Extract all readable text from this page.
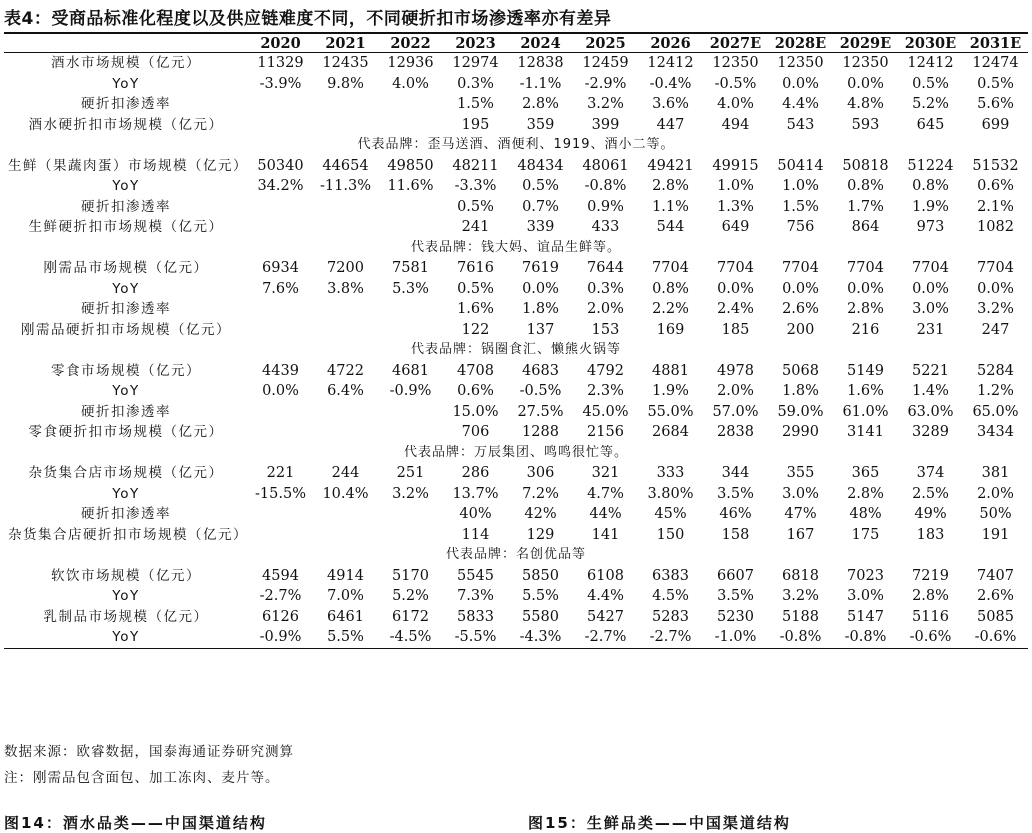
表4：受商品标准化程度以及供应链难度不同，不同硬折扣市场渗透率亦有差异
	2020	2021	2022	2023	2024	2025	2026	2027E	2028E	2029E	2030E	2031E
酒水市场规模（亿元）	11329	12435	12936	12974	12838	12459	12412	12350	12350	12350	12412	12474
YoY	-3.9%	9.8%	4.0%	0.3%	-1.1%	-2.9%	-0.4%	-0.5%	0.0%	0.0%	0.5%	0.5%
硬折扣渗透率				1.5%	2.8%	3.2%	3.6%	4.0%	4.4%	4.8%	5.2%	5.6%
酒水硬折扣市场规模（亿元）				195	359	399	447	494	543	593	645	699
代表品牌：歪马送酒、酒便利、1919、酒小二等。												
生鲜（果蔬肉蛋）市场规模（亿元）	50340	44654	49850	48211	48434	48061	49421	49915	50414	50818	51224	51532
YoY	34.2%	-11.3%	11.6%	-3.3%	0.5%	-0.8%	2.8%	1.0%	1.0%	0.8%	0.8%	0.6%
硬折扣渗透率				0.5%	0.7%	0.9%	1.1%	1.3%	1.5%	1.7%	1.9%	2.1%
生鲜硬折扣市场规模（亿元）				241	339	433	544	649	756	864	973	1082
代表品牌：钱大妈、谊品生鲜等。												
刚需品市场规模（亿元）	6934	7200	7581	7616	7619	7644	7704	7704	7704	7704	7704	7704
YoY	7.6%	3.8%	5.3%	0.5%	0.0%	0.3%	0.8%	0.0%	0.0%	0.0%	0.0%	0.0%
硬折扣渗透率				1.6%	1.8%	2.0%	2.2%	2.4%	2.6%	2.8%	3.0%	3.2%
刚需品硬折扣市场规模（亿元）				122	137	153	169	185	200	216	231	247
代表品牌：锅圈食汇、懒熊火锅等												
零食市场规模（亿元）	4439	4722	4681	4708	4683	4792	4881	4978	5068	5149	5221	5284
YoY	0.0%	6.4%	-0.9%	0.6%	-0.5%	2.3%	1.9%	2.0%	1.8%	1.6%	1.4%	1.2%
硬折扣渗透率				15.0%	27.5%	45.0%	55.0%	57.0%	59.0%	61.0%	63.0%	65.0%
零食硬折扣市场规模（亿元）				706	1288	2156	2684	2838	2990	3141	3289	3434
代表品牌：万辰集团、鸣鸣很忙等。												
杂货集合店市场规模（亿元）	221	244	251	286	306	321	333	344	355	365	374	381
YoY	-15.5%	10.4%	3.2%	13.7%	7.2%	4.7%	3.80%	3.5%	3.0%	2.8%	2.5%	2.0%
硬折扣渗透率				40%	42%	44%	45%	46%	47%	48%	49%	50%
杂货集合店硬折扣市场规模（亿元）				114	129	141	150	158	167	175	183	191
代表品牌：名创优品等												
软饮市场规模（亿元）	4594	4914	5170	5545	5850	6108	6383	6607	6818	7023	7219	7407
YoY	-2.7%	7.0%	5.2%	7.3%	5.5%	4.4%	4.5%	3.5%	3.2%	3.0%	2.8%	2.6%
乳制品市场规模（亿元）	6126	6461	6172	5833	5580	5427	5283	5230	5188	5147	5116	5085
YoY	-0.9%	5.5%	-4.5%	-5.5%	-4.3%	-2.7%	-2.7%	-1.0%	-0.8%	-0.8%	-0.6%	-0.6%
数据来源：欧睿数据，国泰海通证券研究测算
注：刚需品包含面包、加工冻肉、麦片等。
图14：酒水品类——中国渠道结构	图15：生鲜品类——中国渠道结构
